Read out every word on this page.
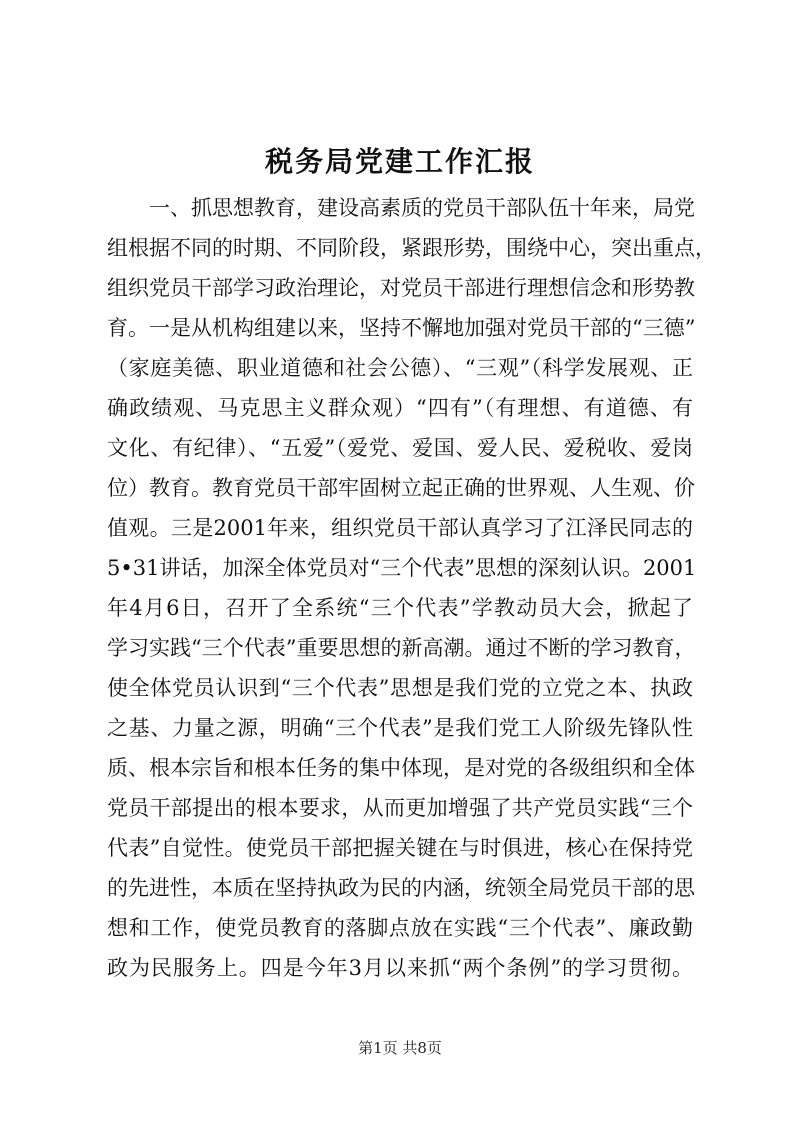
税务局党建工作汇报
一、抓思想教育，建设高素质的党员干部队伍十年来，局党
组根据不同的时期、不同阶段，紧跟形势，围绕中心，突出重点，
组织党员干部学习政治理论，对党员干部进行理想信念和形势教
育。一是从机构组建以来，坚持不懈地加强对党员干部的“三德”
（家庭美德、职业道德和社会公德）、“三观”（科学发展观、正
确政绩观、马克思主义群众观）“四有”（有理想、有道德、有
文化、有纪律）、“五爱”（爱党、爱国、爱人民、爱税收、爱岗
位）教育。教育党员干部牢固树立起正确的世界观、人生观、价
值观。三是2001年来，组织党员干部认真学习了江泽民同志的
5•31讲话，加深全体党员对“三个代表”思想的深刻认识。2001
年4月6日，召开了全系统“三个代表”学教动员大会，掀起了
学习实践“三个代表”重要思想的新高潮。通过不断的学习教育，
使全体党员认识到“三个代表”思想是我们党的立党之本、执政
之基、力量之源，明确“三个代表”是我们党工人阶级先锋队性
质、根本宗旨和根本任务的集中体现，是对党的各级组织和全体
党员干部提出的根本要求，从而更加增强了共产党员实践“三个
代表”自觉性。使党员干部把握关键在与时俱进，核心在保持党
的先进性，本质在坚持执政为民的内涵，统领全局党员干部的思
想和工作，使党员教育的落脚点放在实践“三个代表”、廉政勤
政为民服务上。四是今年3月以来抓“两个条例”的学习贯彻。
第1页 共8页
